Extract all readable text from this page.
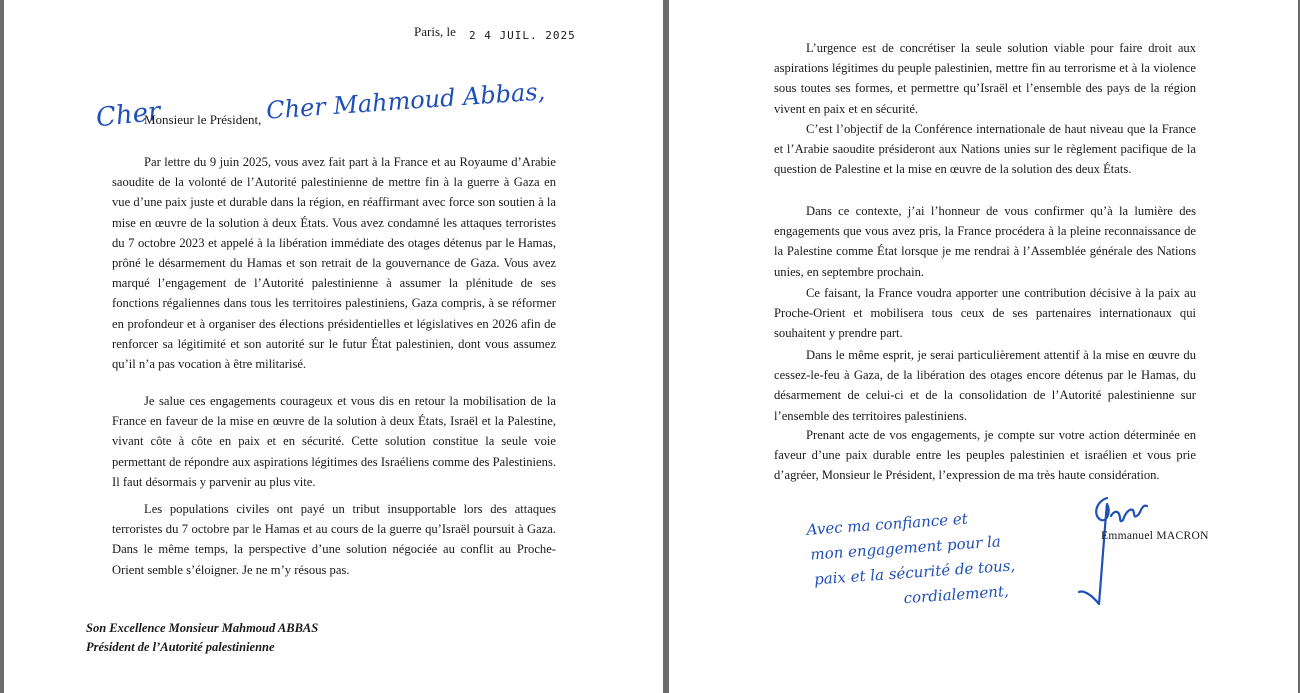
Paris, le 2 4 JUIL. 2025
Cher
Monsieur le Président, Cher Mahmoud Abbas,

Par lettre du 9 juin 2025, vous avez fait part à la France et au Royaume d’Arabie saoudite de la volonté de l’Autorité palestinienne de mettre fin à la guerre à Gaza en vue d’une paix juste et durable dans la région, en réaffirmant avec force son soutien à la mise en œuvre de la solution à deux États. Vous avez condamné les attaques terroristes du 7 octobre 2023 et appelé à la libération immédiate des otages détenus par le Hamas, prôné le désarmement du Hamas et son retrait de la gouvernance de Gaza. Vous avez marqué l’engagement de l’Autorité palestinienne à assumer la plénitude de ses fonctions régaliennes dans tous les territoires palestiniens, Gaza compris, à se réformer en profondeur et à organiser des élections présidentielles et législatives en 2026 afin de renforcer sa légitimité et son autorité sur le futur État palestinien, dont vous assumez qu’il n’a pas vocation à être militarisé.

Je salue ces engagements courageux et vous dis en retour la mobilisation de la France en faveur de la mise en œuvre de la solution à deux États, Israël et la Palestine, vivant côte à côte en paix et en sécurité. Cette solution constitue la seule voie permettant de répondre aux aspirations légitimes des Israéliens comme des Palestiniens. Il faut désormais y parvenir au plus vite.

Les populations civiles ont payé un tribut insupportable lors des attaques terroristes du 7 octobre par le Hamas et au cours de la guerre qu’Israël poursuit à Gaza. Dans le même temps, la perspective d’une solution négociée au conflit au Proche-Orient semble s’éloigner. Je ne m’y résous pas.

Son Excellence Monsieur Mahmoud ABBAS
Président de l’Autorité palestinienne

L’urgence est de concrétiser la seule solution viable pour faire droit aux aspirations légitimes du peuple palestinien, mettre fin au terrorisme et à la violence sous toutes ses formes, et permettre qu’Israël et l’ensemble des pays de la région vivent en paix et en sécurité.

C’est l’objectif de la Conférence internationale de haut niveau que la France et l’Arabie saoudite présideront aux Nations unies sur le règlement pacifique de la question de Palestine et la mise en œuvre de la solution des deux États.

Dans ce contexte, j’ai l’honneur de vous confirmer qu’à la lumière des engagements que vous avez pris, la France procédera à la pleine reconnaissance de la Palestine comme État lorsque je me rendrai à l’Assemblée générale des Nations unies, en septembre prochain.

Ce faisant, la France voudra apporter une contribution décisive à la paix au Proche-Orient et mobilisera tous ceux de ses partenaires internationaux qui souhaitent y prendre part.

Dans le même esprit, je serai particulièrement attentif à la mise en œuvre du cessez-le-feu à Gaza, de la libération des otages encore détenus par le Hamas, du désarmement de celui-ci et de la consolidation de l’Autorité palestinienne sur l’ensemble des territoires palestiniens.

Prenant acte de vos engagements, je compte sur votre action déterminée en faveur d’une paix durable entre les peuples palestinien et israélien et vous prie d’agréer, Monsieur le Président, l’expression de ma très haute considération.

Avec ma confiance et
mon engagement pour la
paix et la sécurité de tous,
cordialement,
Emmanuel MACRON
